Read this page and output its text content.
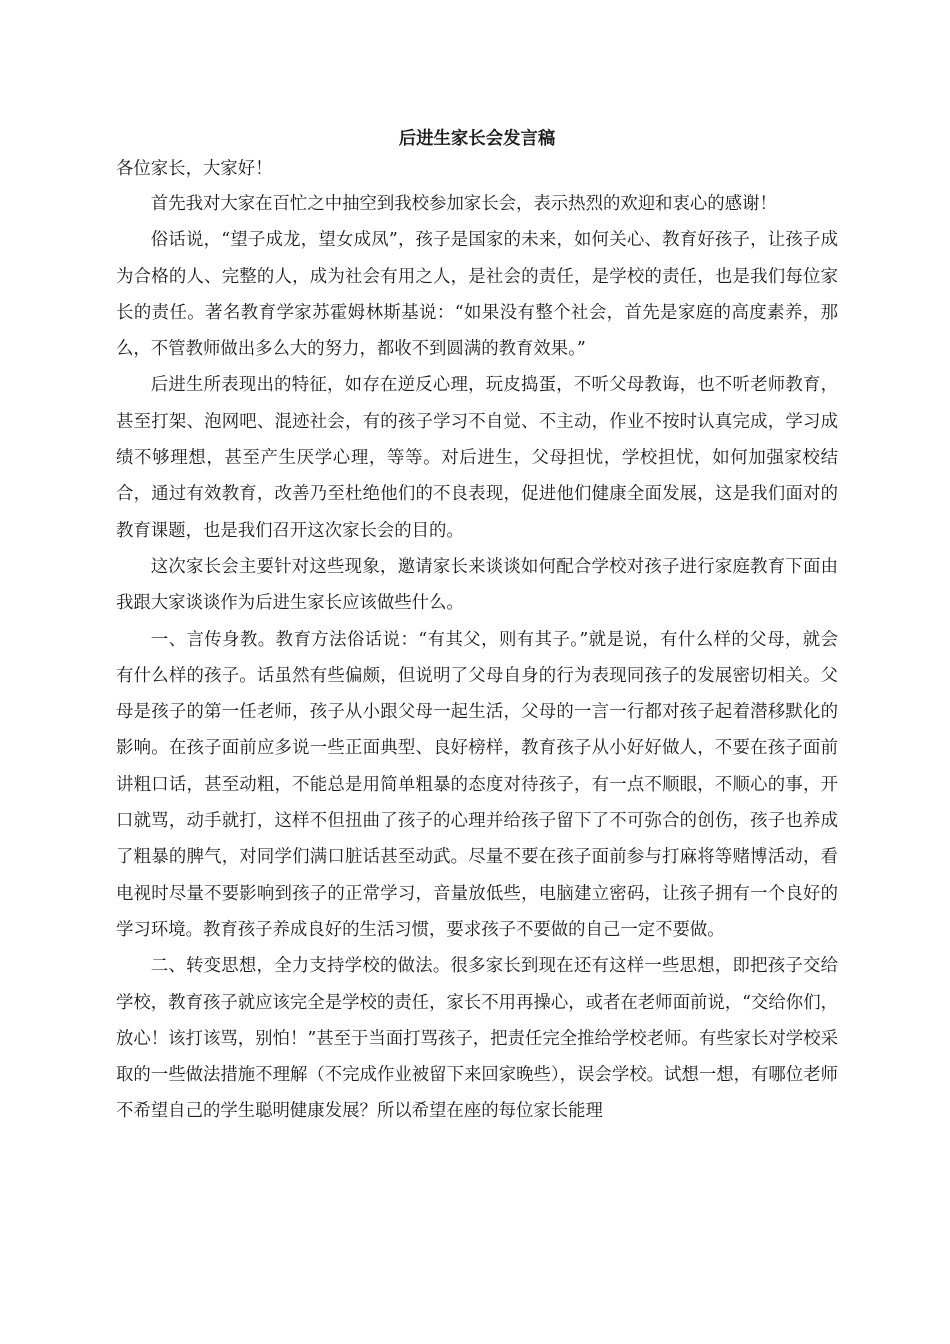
后进生家长会发言稿

各位家长，大家好！

首先我对大家在百忙之中抽空到我校参加家长会，表示热烈的欢迎和衷心的感谢！

俗话说，“望子成龙，望女成凤”，孩子是国家的未来，如何关心、教育好孩子，让孩子成为合格的人、完整的人，成为社会有用之人，是社会的责任，是学校的责任，也是我们每位家长的责任。著名教育学家苏霍姆林斯基说：“如果没有整个社会，首先是家庭的高度素养，那么，不管教师做出多么大的努力，都收不到圆满的教育效果。”

后进生所表现出的特征，如存在逆反心理，玩皮捣蛋，不听父母教诲，也不听老师教育，甚至打架、泡网吧、混迹社会，有的孩子学习不自觉、不主动，作业不按时认真完成，学习成绩不够理想，甚至产生厌学心理，等等。对后进生，父母担忧，学校担忧，如何加强家校结合，通过有效教育，改善乃至杜绝他们的不良表现，促进他们健康全面发展，这是我们面对的教育课题，也是我们召开这次家长会的目的。

这次家长会主要针对这些现象，邀请家长来谈谈如何配合学校对孩子进行家庭教育下面由我跟大家谈谈作为后进生家长应该做些什么。

一、言传身教。教育方法俗话说：“有其父，则有其子。”就是说，有什么样的父母，就会有什么样的孩子。话虽然有些偏颇，但说明了父母自身的行为表现同孩子的发展密切相关。父母是孩子的第一任老师，孩子从小跟父母一起生活，父母的一言一行都对孩子起着潜移默化的影响。在孩子面前应多说一些正面典型、良好榜样，教育孩子从小好好做人，不要在孩子面前讲粗口话，甚至动粗，不能总是用简单粗暴的态度对待孩子，有一点不顺眼，不顺心的事，开口就骂，动手就打，这样不但扭曲了孩子的心理并给孩子留下了不可弥合的创伤，孩子也养成了粗暴的脾气，对同学们满口脏话甚至动武。尽量不要在孩子面前参与打麻将等赌博活动，看电视时尽量不要影响到孩子的正常学习，音量放低些，电脑建立密码，让孩子拥有一个良好的学习环境。教育孩子养成良好的生活习惯，要求孩子不要做的自己一定不要做。

二、转变思想，全力支持学校的做法。很多家长到现在还有这样一些思想，即把孩子交给学校，教育孩子就应该完全是学校的责任，家长不用再操心，或者在老师面前说，“交给你们，放心！该打该骂，别怕！”甚至于当面打骂孩子，把责任完全推给学校老师。有些家长对学校采取的一些做法措施不理解（不完成作业被留下来回家晚些），误会学校。试想一想，有哪位老师不希望自己的学生聪明健康发展？所以希望在座的每位家长能理
